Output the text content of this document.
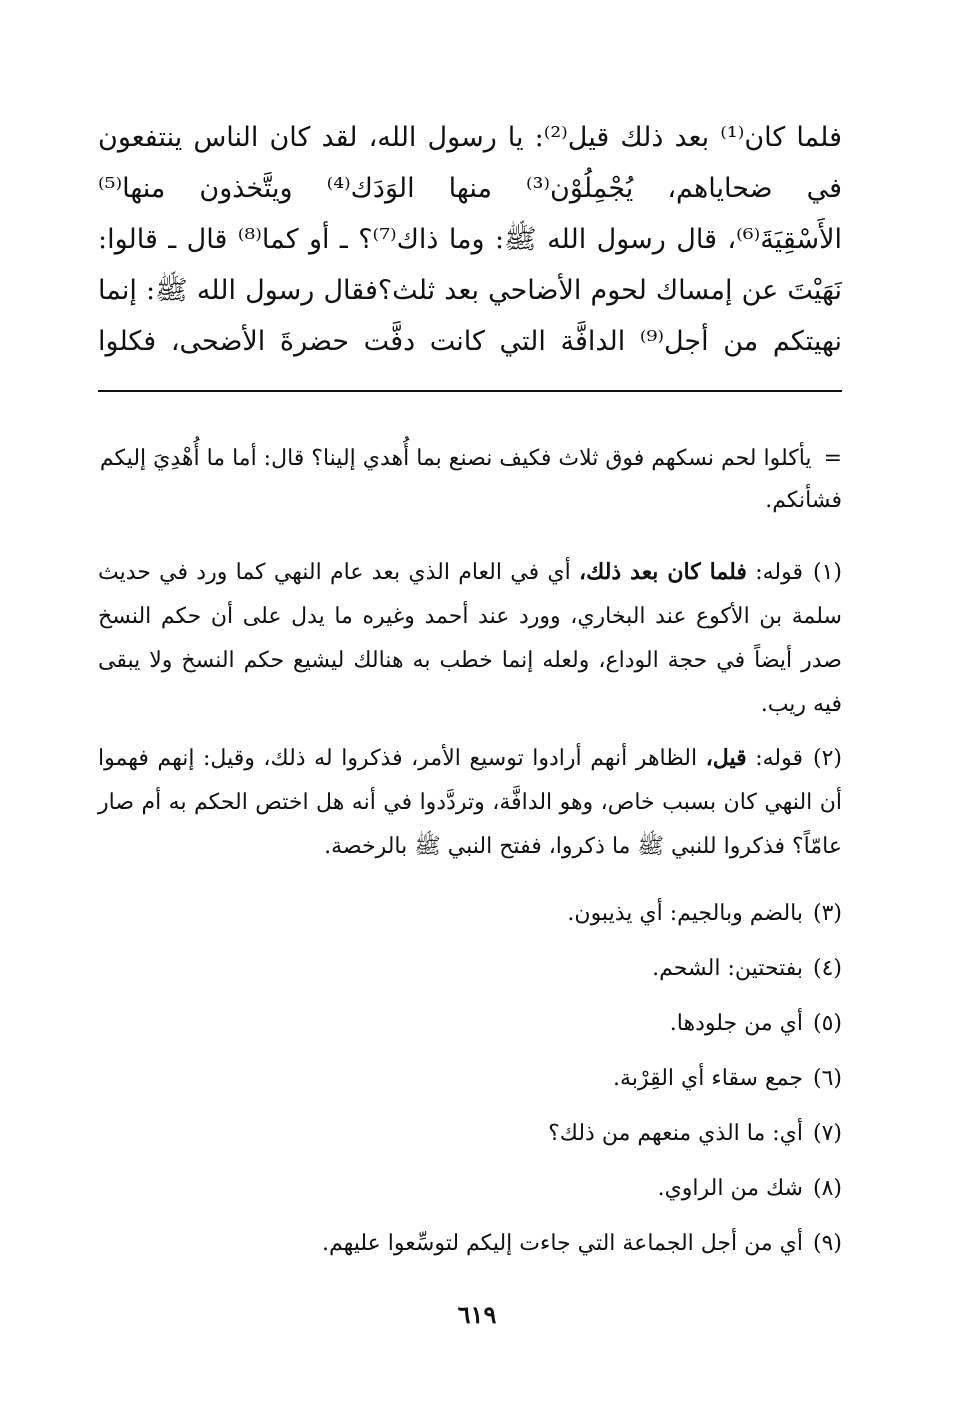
فلما كان⁽¹⁾ بعد ذلك قيل⁽²⁾: يا رسول الله، لقد كان الناس ينتفعون
في ضحاياهم، يُجْمِلُوْن⁽³⁾ منها الوَدَك⁽⁴⁾ ويتَّخذون منها⁽⁵⁾
الأَسْقِيَةَ⁽⁶⁾، قال رسول الله ﷺ: وما ذاك⁽⁷⁾؟ ـ أو كما⁽⁸⁾ قال ـ قالوا:
نَهَيْتَ عن إمساك لحوم الأضاحي بعد ثلث؟فقال رسول الله ﷺ: إنما
نهيتكم من أجل⁽⁹⁾ الدافَّة التي كانت دفَّت حضرةَ الأضحى، فكلوا

=يأكلوا لحم نسكهم فوق ثلاث فكيف نصنع بما أُهدي إلينا؟ قال: أما ما أُهْدِيَ إليكم فشأنكم.

(١)قوله: فلما كان بعد ذلك، أي في العام الذي بعد عام النهي كما ورد في حديث سلمة بن الأكوع عند البخاري، وورد عند أحمد وغيره ما يدل على أن حكم النسخ صدر أيضاً في حجة الوداع، ولعله إنما خطب به هنالك ليشيع حكم النسخ ولا يبقى فيه ريب.

(٢)قوله: قيل، الظاهر أنهم أرادوا توسيع الأمر، فذكروا له ذلك، وقيل: إنهم فهموا أن النهي كان بسبب خاص، وهو الدافَّة، وتردَّدوا في أنه هل اختص الحكم به أم صار عامّاً؟ فذكروا للنبي ﷺ ما ذكروا، ففتح النبي ﷺ بالرخصة.

(٣)بالضم وبالجيم: أي يذيبون.

(٤)بفتحتين: الشحم.

(٥)أي من جلودها.

(٦)جمع سقاء أي القِرْبة.

(٧)أي: ما الذي منعهم من ذلك؟

(٨)شك من الراوي.

(٩)أي من أجل الجماعة التي جاءت إليكم لتوسِّعوا عليهم.

٦١٩
